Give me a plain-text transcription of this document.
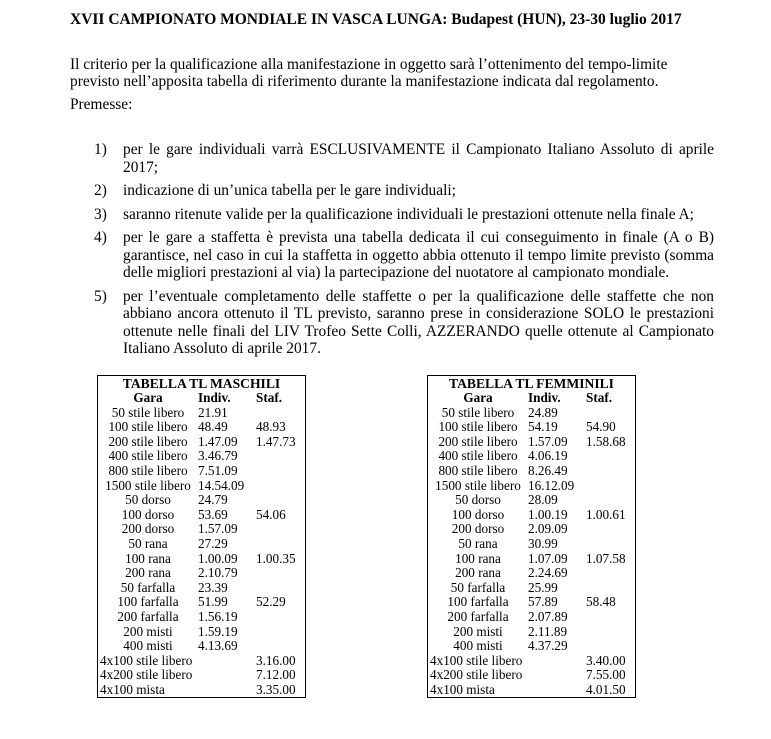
XVII CAMPIONATO MONDIALE IN VASCA LUNGA: Budapest (HUN), 23-30 luglio 2017
Il criterio per la qualificazione alla manifestazione in oggetto sarà l’ottenimento del tempo-limite previsto nell’apposita tabella di riferimento durante la manifestazione indicata dal regolamento.
Premesse:
1)	per le gare individuali varrà ESCLUSIVAMENTE il Campionato Italiano Assoluto di aprile 2017;
2)	indicazione di un’unica tabella per le gare individuali;
3)	saranno ritenute valide per la qualificazione individuali le prestazioni ottenute nella finale A;
4)	per le gare a staffetta è prevista una tabella dedicata il cui conseguimento in finale (A o B) garantisce, nel caso in cui la staffetta in oggetto abbia ottenuto il tempo limite previsto (somma delle migliori prestazioni al via) la partecipazione del nuotatore al campionato mondiale.
5)	per l’eventuale completamento delle staffette o per la qualificazione delle staffette che non abbiano ancora ottenuto il TL previsto, saranno prese in considerazione SOLO le prestazioni ottenute nelle finali del LIV Trofeo Sette Colli, AZZERANDO quelle ottenute al Campionato Italiano Assoluto di aprile 2017.
TABELLA TL MASCHILI
Gara	Indiv.	Staf.
50 stile libero	21.91	
100 stile libero	48.49	48.93
200 stile libero	1.47.09	1.47.73
400 stile libero	3.46.79	
800 stile libero	7.51.09	
1500 stile libero	14.54.09	
50 dorso	24.79	
100 dorso	53.69	54.06
200 dorso	1.57.09	
50 rana	27.29	
100 rana	1.00.09	1.00.35
200 rana	2.10.79	
50 farfalla	23.39	
100 farfalla	51.99	52.29
200 farfalla	1.56.19	
200 misti	1.59.19	
400 misti	4.13.69	
4x100 stile libero		3.16.00
4x200 stile libero		7.12.00
4x100 mista		3.35.00
TABELLA TL FEMMINILI
Gara	Indiv.	Staf.
50 stile libero	24.89	
100 stile libero	54.19	54.90
200 stile libero	1.57.09	1.58.68
400 stile libero	4.06.19	
800 stile libero	8.26.49	
1500 stile libero	16.12.09	
50 dorso	28.09	
100 dorso	1.00.19	1.00.61
200 dorso	2.09.09	
50 rana	30.99	
100 rana	1.07.09	1.07.58
200 rana	2.24.69	
50 farfalla	25.99	
100 farfalla	57.89	58.48
200 farfalla	2.07.89	
200 misti	2.11.89	
400 misti	4.37.29	
4x100 stile libero		3.40.00
4x200 stile libero		7.55.00
4x100 mista		4.01.50
